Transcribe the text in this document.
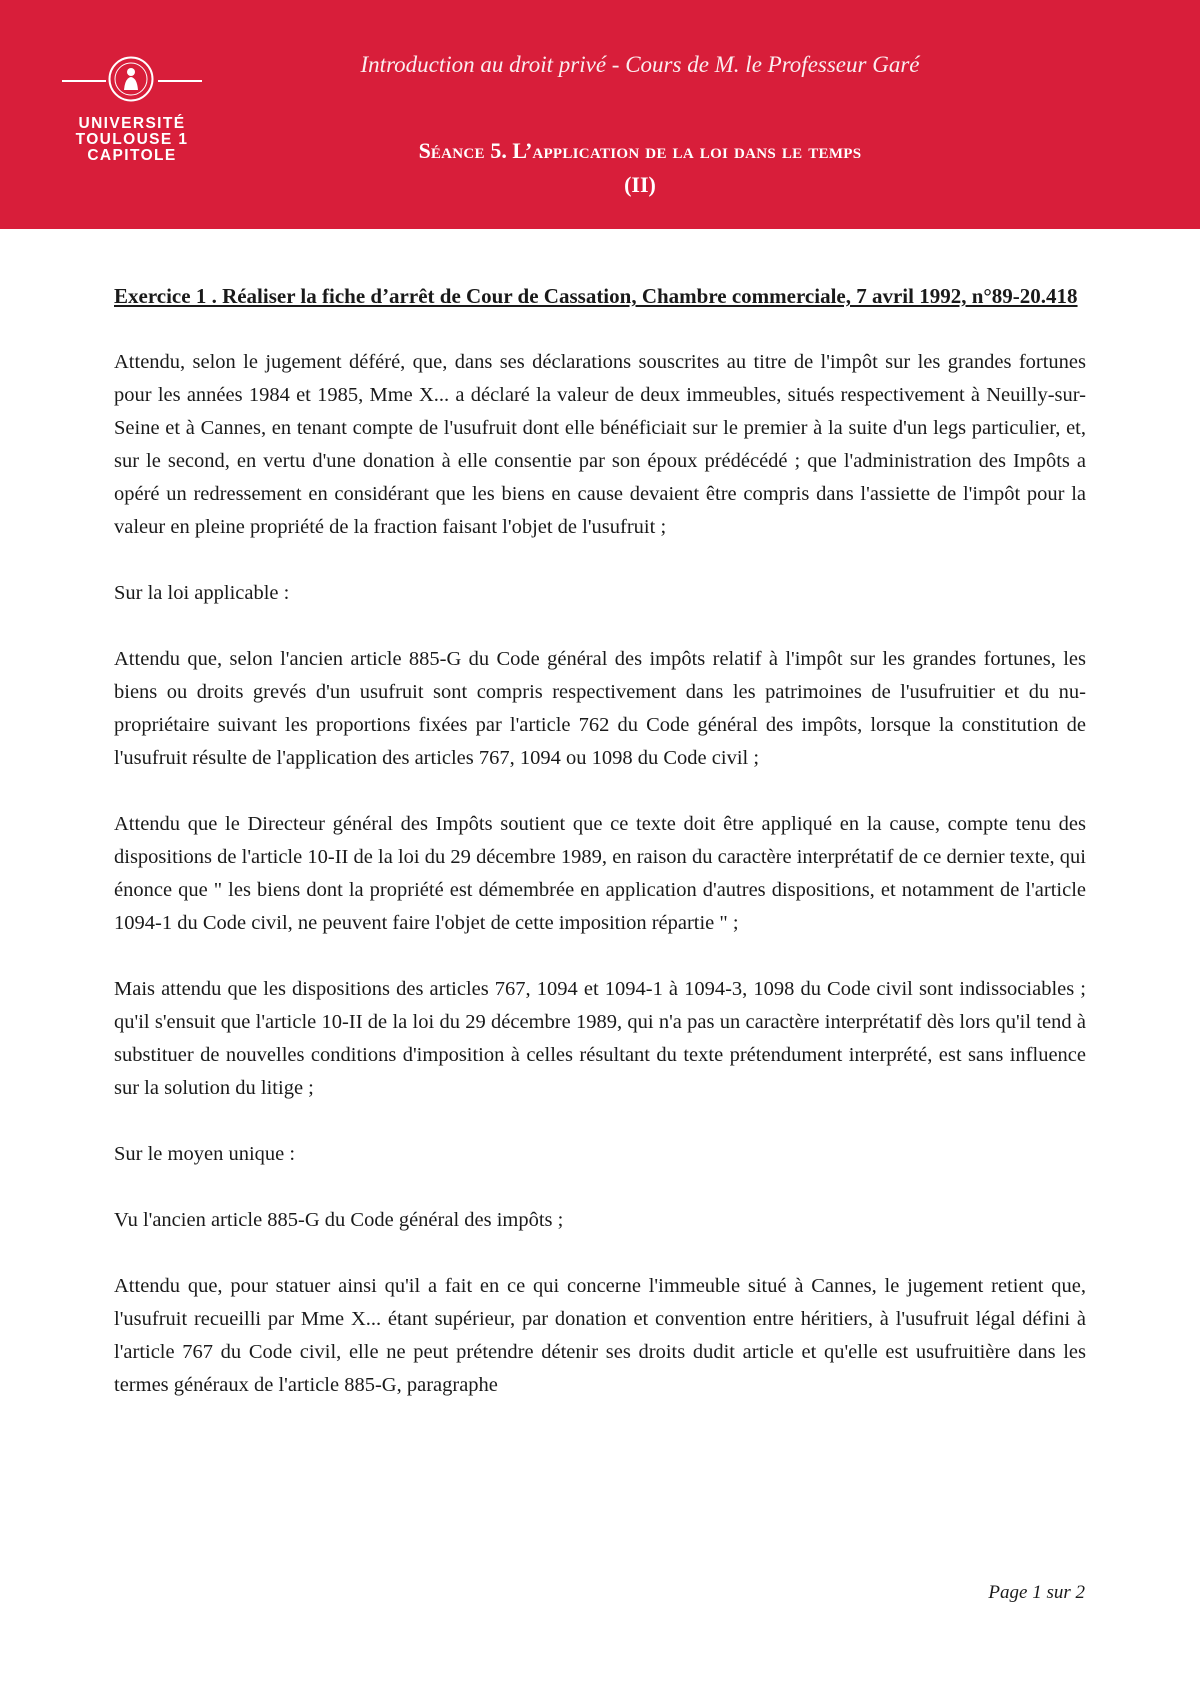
UNIVERSITÉ
TOULOUSE 1
CAPITOLE
Introduction au droit privé - Cours de M. le Professeur Garé
Séance 5. L’application de la loi dans le temps
(II)
Exercice 1 . Réaliser la fiche d’arrêt de Cour de Cassation, Chambre commerciale, 7 avril 1992, n°89-20.418

Attendu, selon le jugement déféré, que, dans ses déclarations souscrites au titre de l'impôt sur les grandes fortunes pour les années 1984 et 1985, Mme X... a déclaré la valeur de deux immeubles, situés respectivement à Neuilly-sur-Seine et à Cannes, en tenant compte de l'usufruit dont elle bénéficiait sur le premier à la suite d'un legs particulier, et, sur le second, en vertu d'une donation à elle consentie par son époux prédécédé ; que l'administration des Impôts a opéré un redressement en considérant que les biens en cause devaient être compris dans l'assiette de l'impôt pour la valeur en pleine propriété de la fraction faisant l'objet de l'usufruit ;

Sur la loi applicable :

Attendu que, selon l'ancien article 885-G du Code général des impôts relatif à l'impôt sur les grandes fortunes, les biens ou droits grevés d'un usufruit sont compris respectivement dans les patrimoines de l'usufruitier et du nu-propriétaire suivant les proportions fixées par l'article 762 du Code général des impôts, lorsque la constitution de l'usufruit résulte de l'application des articles 767, 1094 ou 1098 du Code civil ;

Attendu que le Directeur général des Impôts soutient que ce texte doit être appliqué en la cause, compte tenu des dispositions de l'article 10-II de la loi du 29 décembre 1989, en raison du caractère interprétatif de ce dernier texte, qui énonce que " les biens dont la propriété est démembrée en application d'autres dispositions, et notamment de l'article 1094-1 du Code civil, ne peuvent faire l'objet de cette imposition répartie " ;

Mais attendu que les dispositions des articles 767, 1094 et 1094-1 à 1094-3, 1098 du Code civil sont indissociables ; qu'il s'ensuit que l'article 10-II de la loi du 29 décembre 1989, qui n'a pas un caractère interprétatif dès lors qu'il tend à substituer de nouvelles conditions d'imposition à celles résultant du texte prétendument interprété, est sans influence sur la solution du litige ;

Sur le moyen unique :

Vu l'ancien article 885-G du Code général des impôts ;

Attendu que, pour statuer ainsi qu'il a fait en ce qui concerne l'immeuble situé à Cannes, le jugement retient que, l'usufruit recueilli par Mme X... étant supérieur, par donation et convention entre héritiers, à l'usufruit légal défini à l'article 767 du Code civil, elle ne peut prétendre détenir ses droits dudit article et qu'elle est usufruitière dans les termes généraux de l'article 885-G, paragraphe

Page 1 sur 2
